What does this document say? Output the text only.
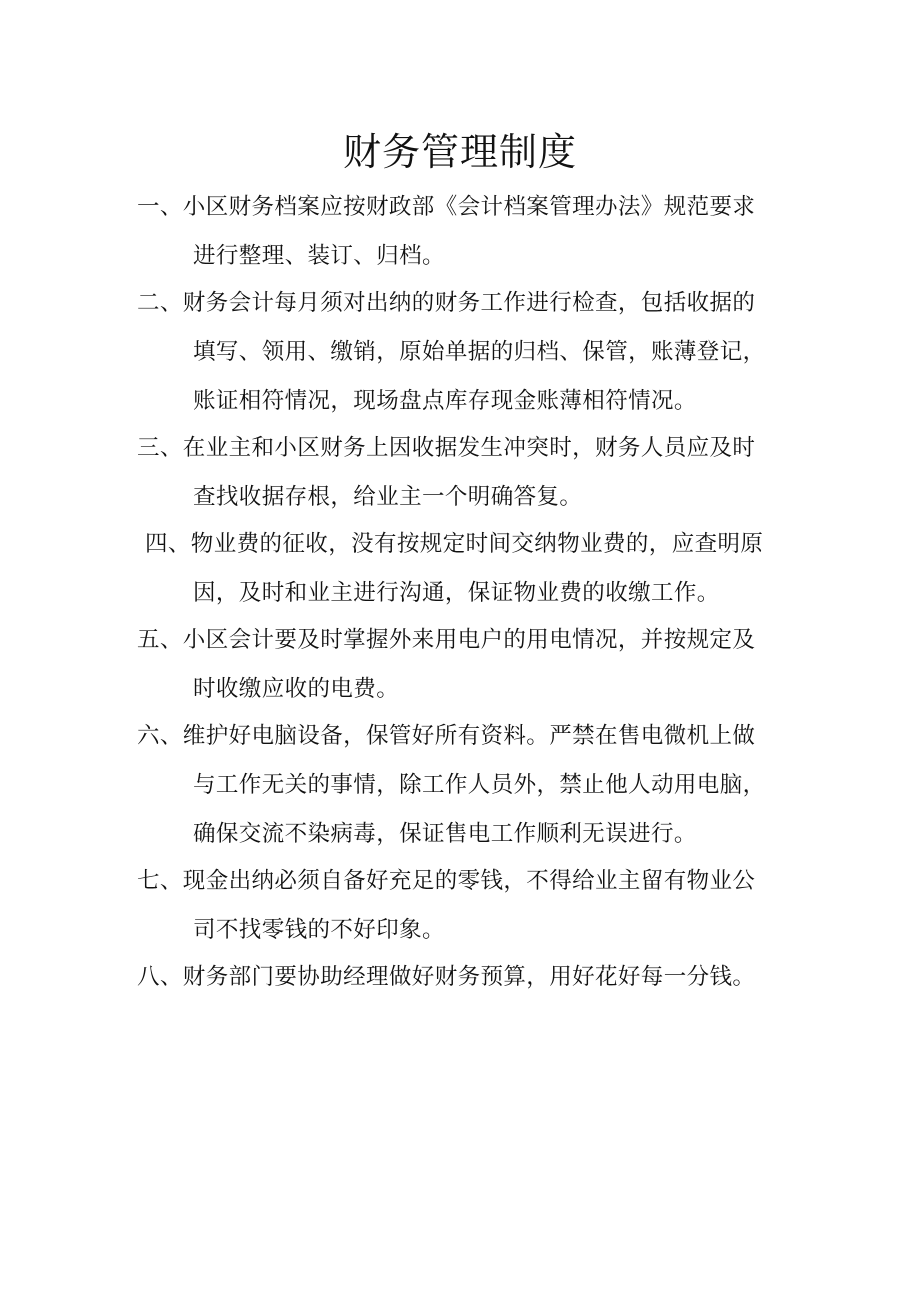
财务管理制度
一、小区财务档案应按财政部《会计档案管理办法》规范要求
进行整理、装订、归档。
二、财务会计每月须对出纳的财务工作进行检查，包括收据的
填写、领用、缴销，原始单据的归档、保管，账薄登记，
账证相符情况，现场盘点库存现金账薄相符情况。
三、在业主和小区财务上因收据发生冲突时，财务人员应及时
查找收据存根，给业主一个明确答复。
四、物业费的征收，没有按规定时间交纳物业费的，应查明原
因，及时和业主进行沟通，保证物业费的收缴工作。
五、小区会计要及时掌握外来用电户的用电情况，并按规定及
时收缴应收的电费。
六、维护好电脑设备，保管好所有资料。严禁在售电微机上做
与工作无关的事情，除工作人员外，禁止他人动用电脑，
确保交流不染病毒，保证售电工作顺利无误进行。
七、现金出纳必须自备好充足的零钱，不得给业主留有物业公
司不找零钱的不好印象。
八、财务部门要协助经理做好财务预算，用好花好每一分钱。
